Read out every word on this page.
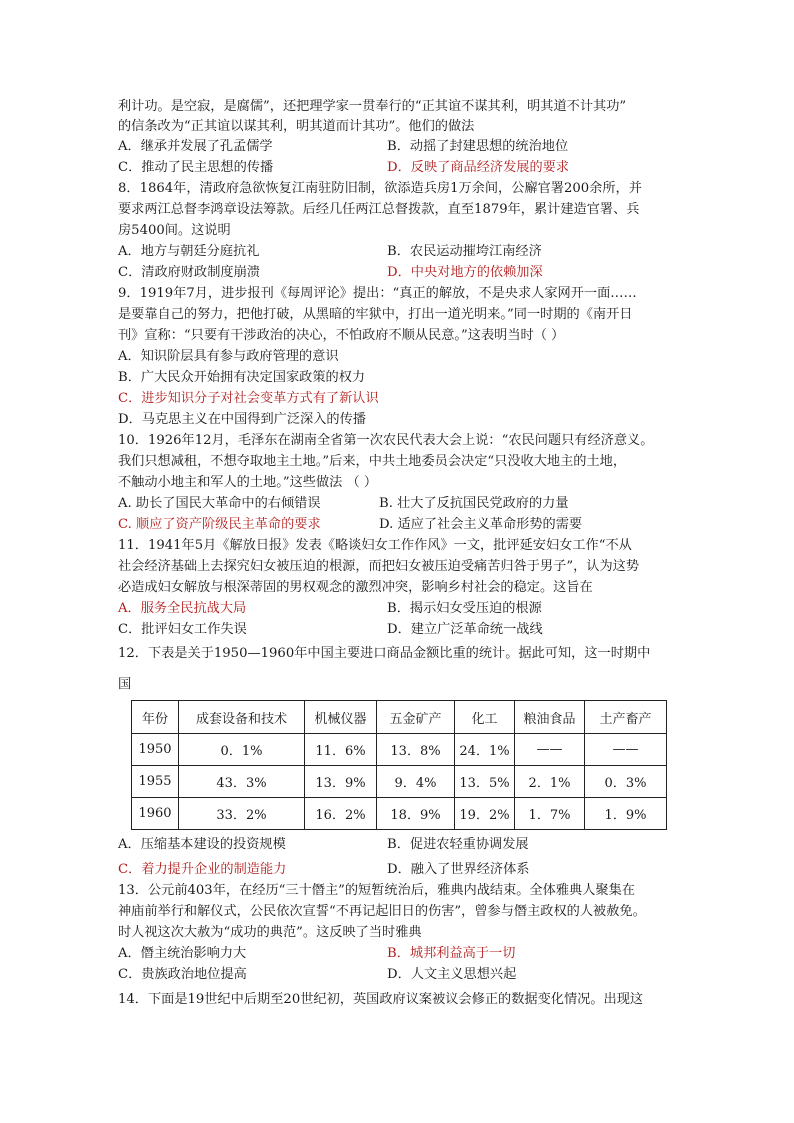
利计功。是空寂，是腐儒”，还把理学家一贯奉行的“正其谊不谋其利，明其道不计其功”
的信条改为“正其谊以谋其利，明其道而计其功”。他们的做法
A．继承并发展了孔孟儒学	B．动摇了封建思想的统治地位
C．推动了民主思想的传播	D．反映了商品经济发展的要求
8．1864年，清政府急欲恢复江南驻防旧制，欲添造兵房1万余间，公廨官署200余所，并
要求两江总督李鸿章设法筹款。后经几任两江总督拨款，直至1879年，累计建造官署、兵
房5400间。这说明
A．地方与朝廷分庭抗礼	B．农民运动摧垮江南经济
C．清政府财政制度崩溃	D．中央对地方的依赖加深
9．1919年7月，进步报刊《每周评论》提出：“真正的解放，不是央求人家网开一面……
是要靠自己的努力，把他打破，从黑暗的牢狱中，打出一道光明来。”同一时期的《南开日
刊》宣称：“只要有干涉政治的决心，不怕政府不顺从民意。”这表明当时（ ）
A．知识阶层具有参与政府管理的意识
B．广大民众开始拥有决定国家政策的权力
C．进步知识分子对社会变革方式有了新认识
D．马克思主义在中国得到广泛深入的传播
10．1926年12月，毛泽东在湖南全省第一次农民代表大会上说：“农民问题只有经济意义。
我们只想减租，不想夺取地主土地。”后来，中共土地委员会决定“只没收大地主的土地，
不触动小地主和军人的土地。”这些做法 （ ）
A. 助长了国民大革命中的右倾错误	B. 壮大了反抗国民党政府的力量
C. 顺应了资产阶级民主革命的要求	D. 适应了社会主义革命形势的需要
11．1941年5月《解放日报》发表《略谈妇女工作作风》一文，批评延安妇女工作“不从
社会经济基础上去探究妇女被压迫的根源，而把妇女被压迫受痛苦归咎于男子”，认为这势
必造成妇女解放与根深蒂固的男权观念的激烈冲突，影响乡村社会的稳定。这旨在
A．服务全民抗战大局	B．揭示妇女受压迫的根源
C．批评妇女工作失误	D．建立广泛革命统一战线
12．下表是关于1950—1960年中国主要进口商品金额比重的统计。据此可知，这一时期中
国
年份	成套设备和技术	机械仪器	五金矿产	化工	粮油食品	土产畜产
1950	0．1%	11．6%	13．8%	24．1%	——	——
1955	43．3%	13．9%	9．4%	13．5%	2．1%	0．3%
1960	33．2%	16．2%	18．9%	19．2%	1．7%	1．9%
A．压缩基本建设的投资规模	B．促进农轻重协调发展
C．着力提升企业的制造能力	D．融入了世界经济体系
13．公元前403年，在经历“三十僭主”的短暂统治后，雅典内战结束。全体雅典人聚集在
神庙前举行和解仪式，公民依次宣誓“不再记起旧日的伤害”，曾参与僭主政权的人被赦免。
时人视这次大赦为“成功的典范”。这反映了当时雅典
A．僭主统治影响力大	B．城邦利益高于一切
C．贵族政治地位提高	D．人文主义思想兴起
14．下面是19世纪中后期至20世纪初，英国政府议案被议会修正的数据变化情况。出现这
